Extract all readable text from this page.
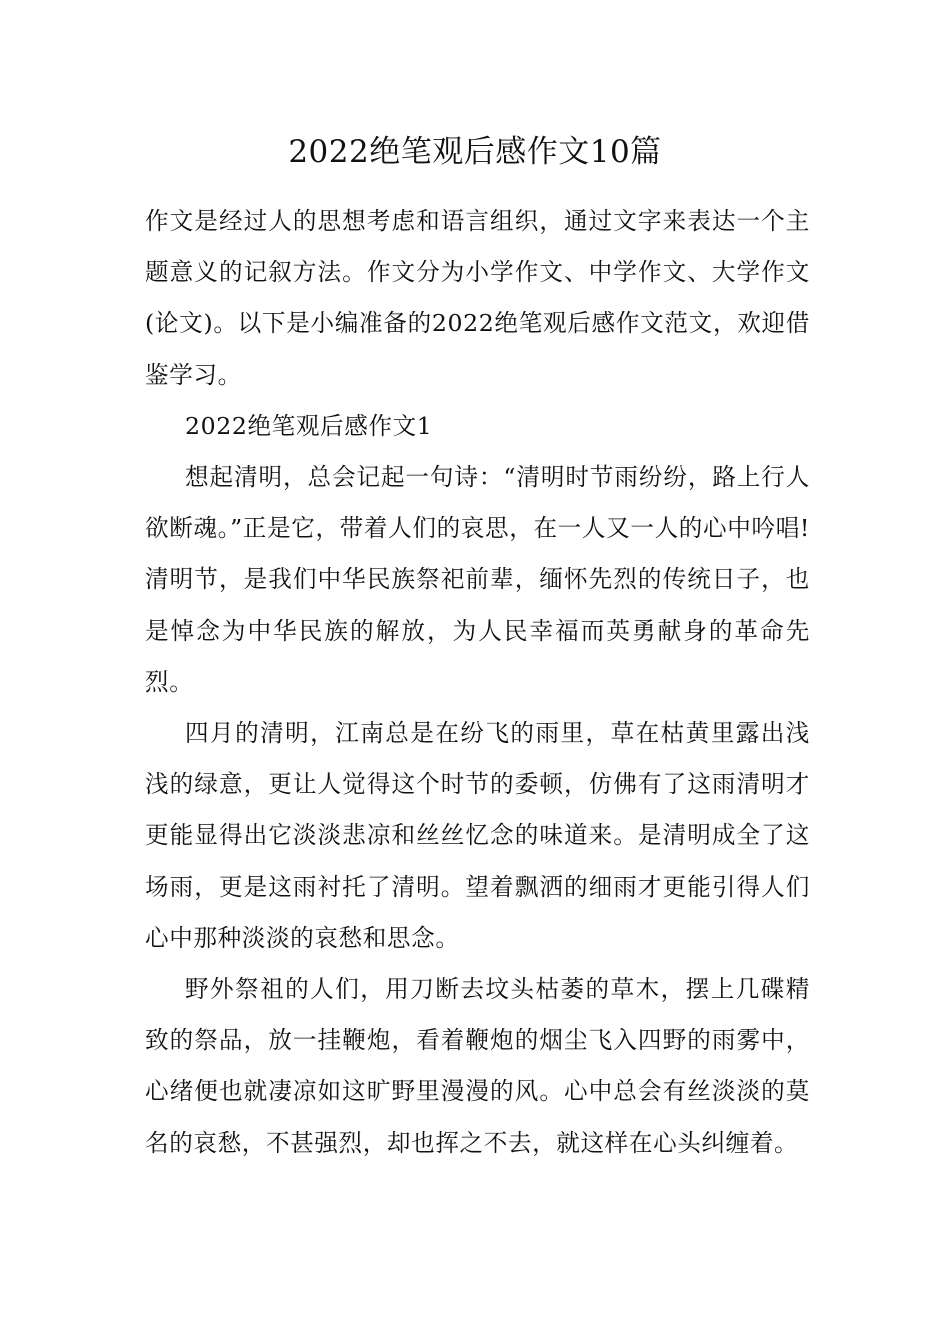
2022绝笔观后感作文10篇

作文是经过人的思想考虑和语言组织，通过文字来表达一个主题意义的记叙方法。作文分为小学作文、中学作文、大学作文(论文)。以下是小编准备的2022绝笔观后感作文范文，欢迎借鉴学习。

2022绝笔观后感作文1

想起清明，总会记起一句诗：“清明时节雨纷纷，路上行人欲断魂。”正是它，带着人们的哀思，在一人又一人的心中吟唱!清明节，是我们中华民族祭祀前辈，缅怀先烈的传统日子，也是悼念为中华民族的解放，为人民幸福而英勇献身的革命先烈。

四月的清明，江南总是在纷飞的雨里，草在枯黄里露出浅浅的绿意，更让人觉得这个时节的委顿，仿佛有了这雨清明才更能显得出它淡淡悲凉和丝丝忆念的味道来。是清明成全了这场雨，更是这雨衬托了清明。望着飘洒的细雨才更能引得人们心中那种淡淡的哀愁和思念。

野外祭祖的人们，用刀断去坟头枯萎的草木，摆上几碟精致的祭品，放一挂鞭炮，看着鞭炮的烟尘飞入四野的雨雾中，心绪便也就凄凉如这旷野里漫漫的风。心中总会有丝淡淡的莫名的哀愁，不甚强烈，却也挥之不去，就这样在心头纠缠着。
